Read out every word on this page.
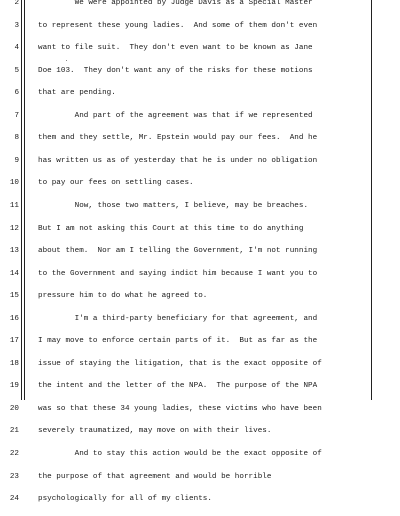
2	We were appointed by Judge Davis as a Special Master
3	to represent these young ladies.  And some of them don't even
4	want to file suit.  They don't even want to be known as Jane
5	Doe 103.  They don't want any of the risks for these motions
6	that are pending.
7	And part of the agreement was that if we represented
8	them and they settle, Mr. Epstein would pay our fees.  And he
9	has written us as of yesterday that he is under no obligation
10	to pay our fees on settling cases.
11	Now, those two matters, I believe, may be breaches.
12	But I am not asking this Court at this time to do anything
13	about them.  Nor am I telling the Government, I'm not running
14	to the Government and saying indict him because I want you to
15	pressure him to do what he agreed to.
16	I'm a third-party beneficiary for that agreement, and
17	I may move to enforce certain parts of it.  But as far as the
18	issue of staying the litigation, that is the exact opposite of
19	the intent and the letter of the NPA.  The purpose of the NPA
20	was so that these 34 young ladies, these victims who have been
21	severely traumatized, may move on with their lives.
22	And to stay this action would be the exact opposite of
23	the purpose of that agreement and would be horrible
24	psychologically for all of my clients.
